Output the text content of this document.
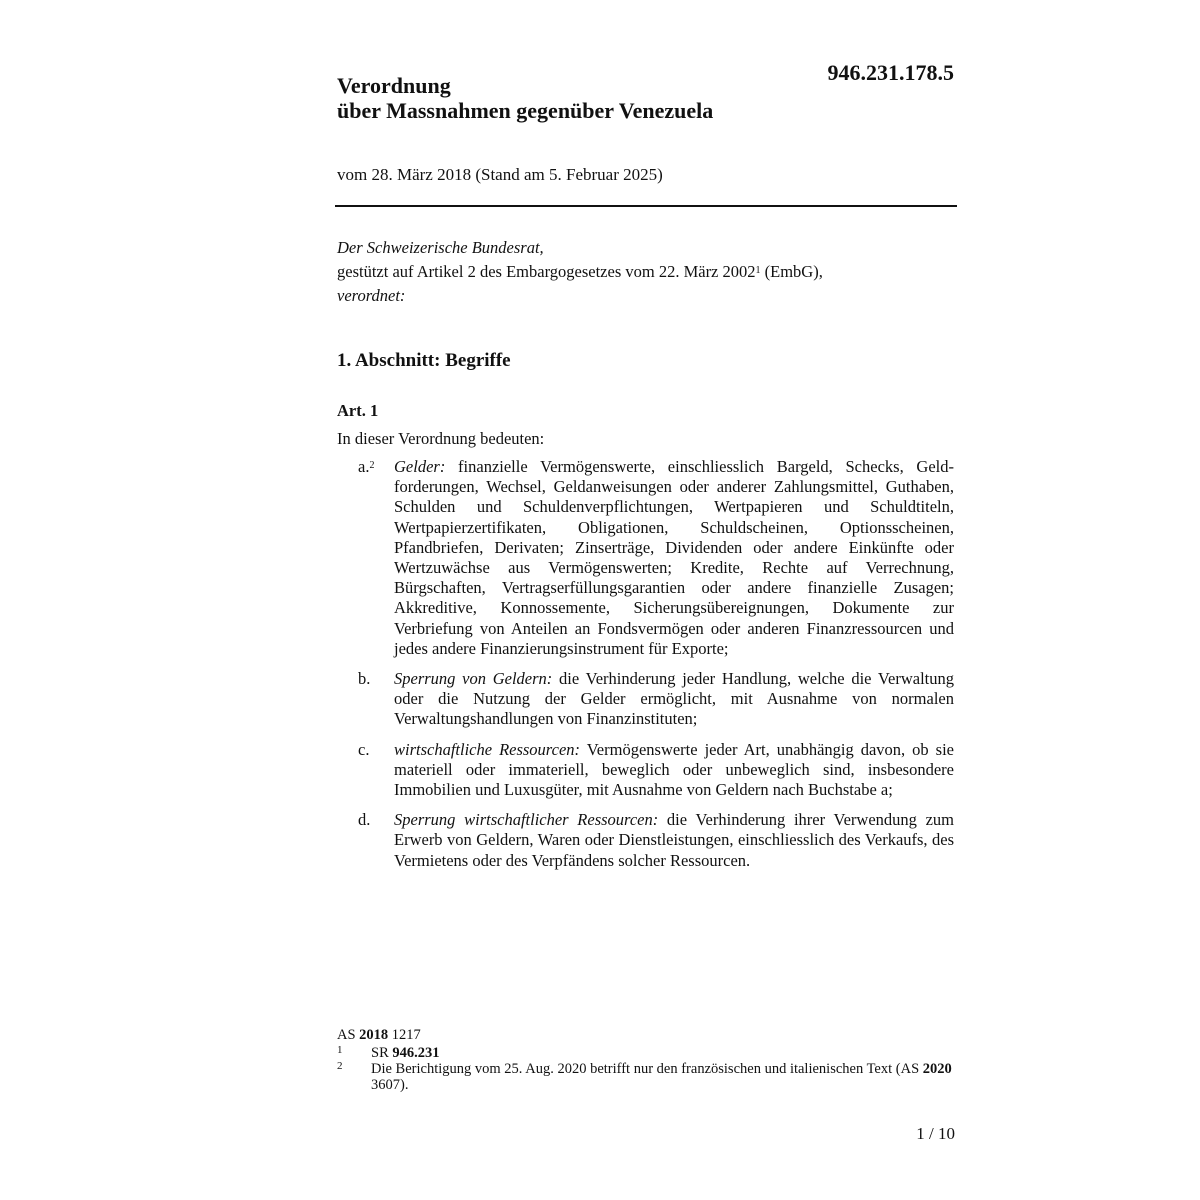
946.231.178.5
Verordnung
über Massnahmen gegenüber Venezuela
vom 28. März 2018 (Stand am 5. Februar 2025)
Der Schweizerische Bundesrat,
gestützt auf Artikel 2 des Embargogesetzes vom 22. März 2002$^1$ (EmbG),
verordnet:
1. Abschnitt: Begriffe
Art. 1
In dieser Verordnung bedeuten:
a.$^2$ Gelder: finanzielle Vermögenswerte, einschliesslich Bargeld, Schecks, Geldforderungen, Wechsel, Geldanweisungen oder anderer Zahlungsmittel, Guthaben, Schulden und Schuldenverpflichtungen, Wertpapieren und Schuldtiteln, Wertpapierzertifikaten, Obligationen, Schuldscheinen, Optionsscheinen, Pfandbriefen, Derivaten; Zinserträge, Dividenden oder andere Einkünfte oder Wertzuwächse aus Vermögenswerten; Kredite, Rechte auf Verrechnung, Bürgschaften, Vertragserfüllungsgarantien oder andere finanzielle Zusagen; Akkreditive, Konnossemente, Sicherungsübereignungen, Dokumente zur Verbriefung von Anteilen an Fondsvermögen oder anderen Finanzressourcen und jedes andere Finanzierungsinstrument für Exporte;
b. Sperrung von Geldern: die Verhinderung jeder Handlung, welche die Verwaltung oder die Nutzung der Gelder ermöglicht, mit Ausnahme von normalen Verwaltungshandlungen von Finanzinstituten;
c. wirtschaftliche Ressourcen: Vermögenswerte jeder Art, unabhängig davon, ob sie materiell oder immateriell, beweglich oder unbeweglich sind, insbesondere Immobilien und Luxusgüter, mit Ausnahme von Geldern nach Buchstabe a;
d. Sperrung wirtschaftlicher Ressourcen: die Verhinderung ihrer Verwendung zum Erwerb von Geldern, Waren oder Dienstleistungen, einschliesslich des Verkaufs, des Vermietens oder des Verpfändens solcher Ressourcen.
AS 2018 1217
1 SR 946.231
2 Die Berichtigung vom 25. Aug. 2020 betrifft nur den französischen und italienischen Text (AS 2020 3607).
1 / 10
